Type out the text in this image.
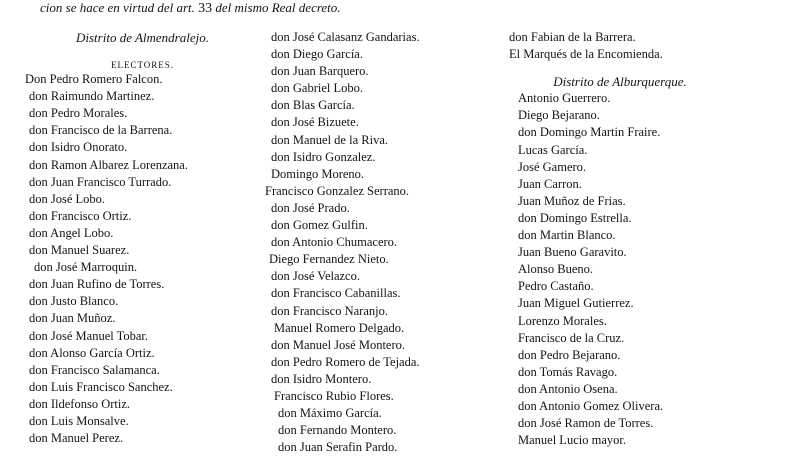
cion se hace en virtud del art. 33 del mismo Real decreto.
Distrito de Almendralejo.
ELECTORES.
Don Pedro Romero Falcon.
don Raimundo Martinez.
don Pedro Morales.
don Francisco de la Barrena.
don Isidro Onorato.
don Ramon Albarez Lorenzana.
don Juan Francisco Turrado.
don José Lobo.
don Francisco Ortiz.
don Angel Lobo.
don Manuel Suarez.
don José Marroquin.
don Juan Rufino de Torres.
don Justo Blanco.
don Juan Muñoz.
don José Manuel Tobar.
don Alonso García Ortiz.
don Francisco Salamanca.
don Luis Francisco Sanchez.
don Ildefonso Ortiz.
don Luis Monsalve.
don Manuel Perez.
don José Calasanz Gandarias.
don Diego García.
don Juan Barquero.
don Gabriel Lobo.
don Blas García.
don José Bizuete.
don Manuel de la Riva.
don Isidro Gonzalez.
Domingo Moreno.
Francisco Gonzalez Serrano.
don José Prado.
don Gomez Gulfin.
don Antonio Chumacero.
Diego Fernandez Nieto.
don José Velazco.
don Francisco Cabanillas.
don Francisco Naranjo.
Manuel Romero Delgado.
don Manuel José Montero.
don Pedro Romero de Tejada.
don Isidro Montero.
Francisco Rubio Flores.
don Máximo García.
don Fernando Montero.
don Juan Serafin Pardo.
don Fabian de la Barrera.
El Marqués de la Encomienda.
Distrito de Alburquerque.
Antonio Guerrero.
Diego Bejarano.
don Domingo Martin Fraire.
Lucas García.
José Gamero.
Juan Carron.
Juan Muñoz de Frias.
don Domingo Estrella.
don Martin Blanco.
Juan Bueno Garavito.
Alonso Bueno.
Pedro Castaño.
Juan Miguel Gutierrez.
Lorenzo Morales.
Francisco de la Cruz.
don Pedro Bejarano.
don Tomás Ravago.
don Antonio Osena.
don Antonio Gomez Olivera.
don José Ramon de Torres.
Manuel Lucio mayor.
